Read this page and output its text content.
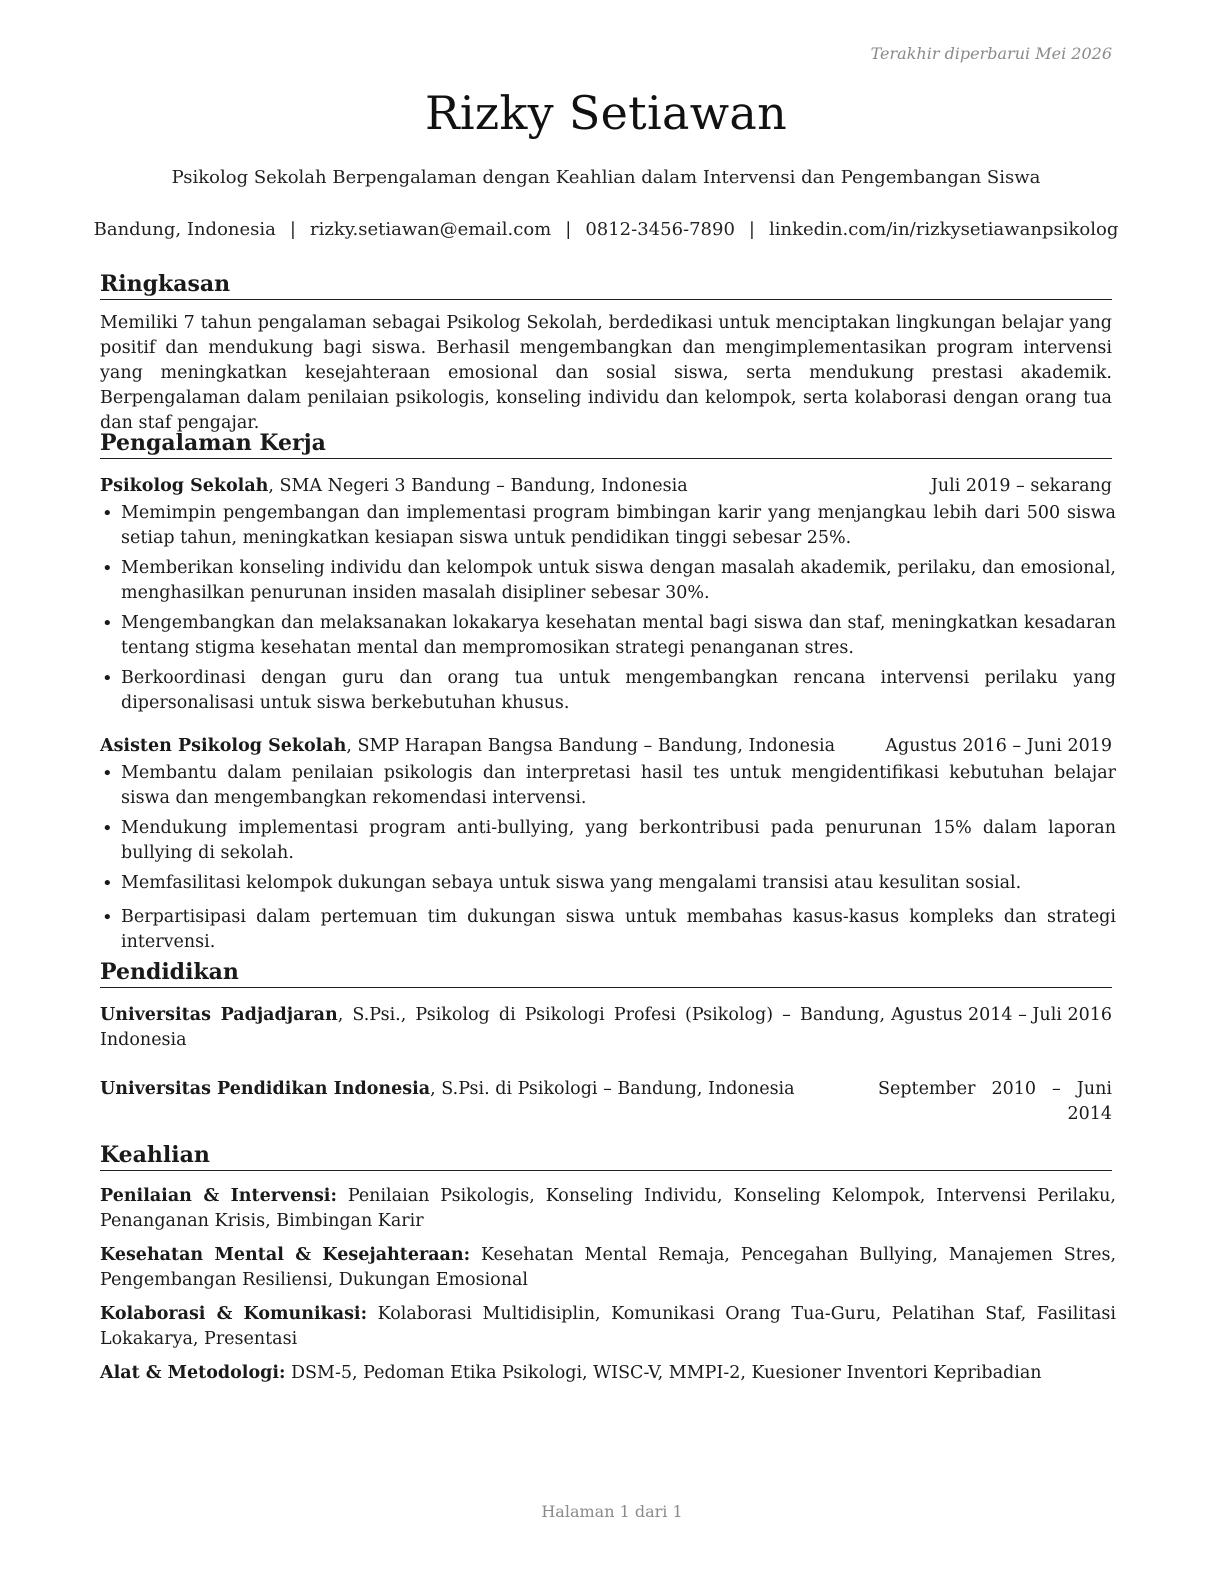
Terakhir diperbarui Mei 2026
Rizky Setiawan
Psikolog Sekolah Berpengalaman dengan Keahlian dalam Intervensi dan Pengembangan Siswa
Bandung, Indonesia | rizky.setiawan@email.com | 0812-3456-7890 | linkedin.com/in/rizkysetiawanpsikolog
Ringkasan

Memiliki 7 tahun pengalaman sebagai Psikolog Sekolah, berdedikasi untuk menciptakan lingkungan belajar yang positif dan mendukung bagi siswa. Berhasil mengembangkan dan mengimplementasikan program intervensi yang meningkatkan kesejahteraan emosional dan sosial siswa, serta mendukung prestasi akademik. Berpengalaman dalam penilaian psikologis, konseling individu dan kelompok, serta kolaborasi dengan orang tua dan staf pengajar.

Pengalaman Kerja
Psikolog Sekolah, SMA Negeri 3 Bandung – Bandung, Indonesia	Juli 2019 – sekarang
• Memimpin pengembangan dan implementasi program bimbingan karir yang menjangkau lebih dari 500 siswa setiap tahun, meningkatkan kesiapan siswa untuk pendidikan tinggi sebesar 25%.
• Memberikan konseling individu dan kelompok untuk siswa dengan masalah akademik, perilaku, dan emosional, menghasilkan penurunan insiden masalah disipliner sebesar 30%.
• Mengembangkan dan melaksanakan lokakarya kesehatan mental bagi siswa dan staf, meningkatkan kesadaran tentang stigma kesehatan mental dan mempromosikan strategi penanganan stres.
• Berkoordinasi dengan guru dan orang tua untuk mengembangkan rencana intervensi perilaku yang dipersonalisasi untuk siswa berkebutuhan khusus.
Asisten Psikolog Sekolah, SMP Harapan Bangsa Bandung – Bandung, Indonesia	Agustus 2016 – Juni 2019
• Membantu dalam penilaian psikologis dan interpretasi hasil tes untuk mengidentifikasi kebutuhan belajar siswa dan mengembangkan rekomendasi intervensi.
• Mendukung implementasi program anti-bullying, yang berkontribusi pada penurunan 15% dalam laporan bullying di sekolah.
• Memfasilitasi kelompok dukungan sebaya untuk siswa yang mengalami transisi atau kesulitan sosial.
• Berpartisipasi dalam pertemuan tim dukungan siswa untuk membahas kasus-kasus kompleks dan strategi intervensi.
Pendidikan
Universitas Padjadjaran, S.Psi., Psikolog di Psikologi Profesi (Psikolog) – Bandung, Indonesia
Agustus 2014 – Juli 2016
Universitas Pendidikan Indonesia, S.Psi. di Psikologi – Bandung, Indonesia	September 2010 – Juni 2014
Keahlian
Penilaian & Intervensi: Penilaian Psikologis, Konseling Individu, Konseling Kelompok, Intervensi Perilaku, Penanganan Krisis, Bimbingan Karir
Kesehatan Mental & Kesejahteraan: Kesehatan Mental Remaja, Pencegahan Bullying, Manajemen Stres, Pengembangan Resiliensi, Dukungan Emosional
Kolaborasi & Komunikasi: Kolaborasi Multidisiplin, Komunikasi Orang Tua-Guru, Pelatihan Staf, Fasilitasi Lokakarya, Presentasi
Alat & Metodologi: DSM-5, Pedoman Etika Psikologi, WISC-V, MMPI-2, Kuesioner Inventori Kepribadian
Halaman 1 dari 1
